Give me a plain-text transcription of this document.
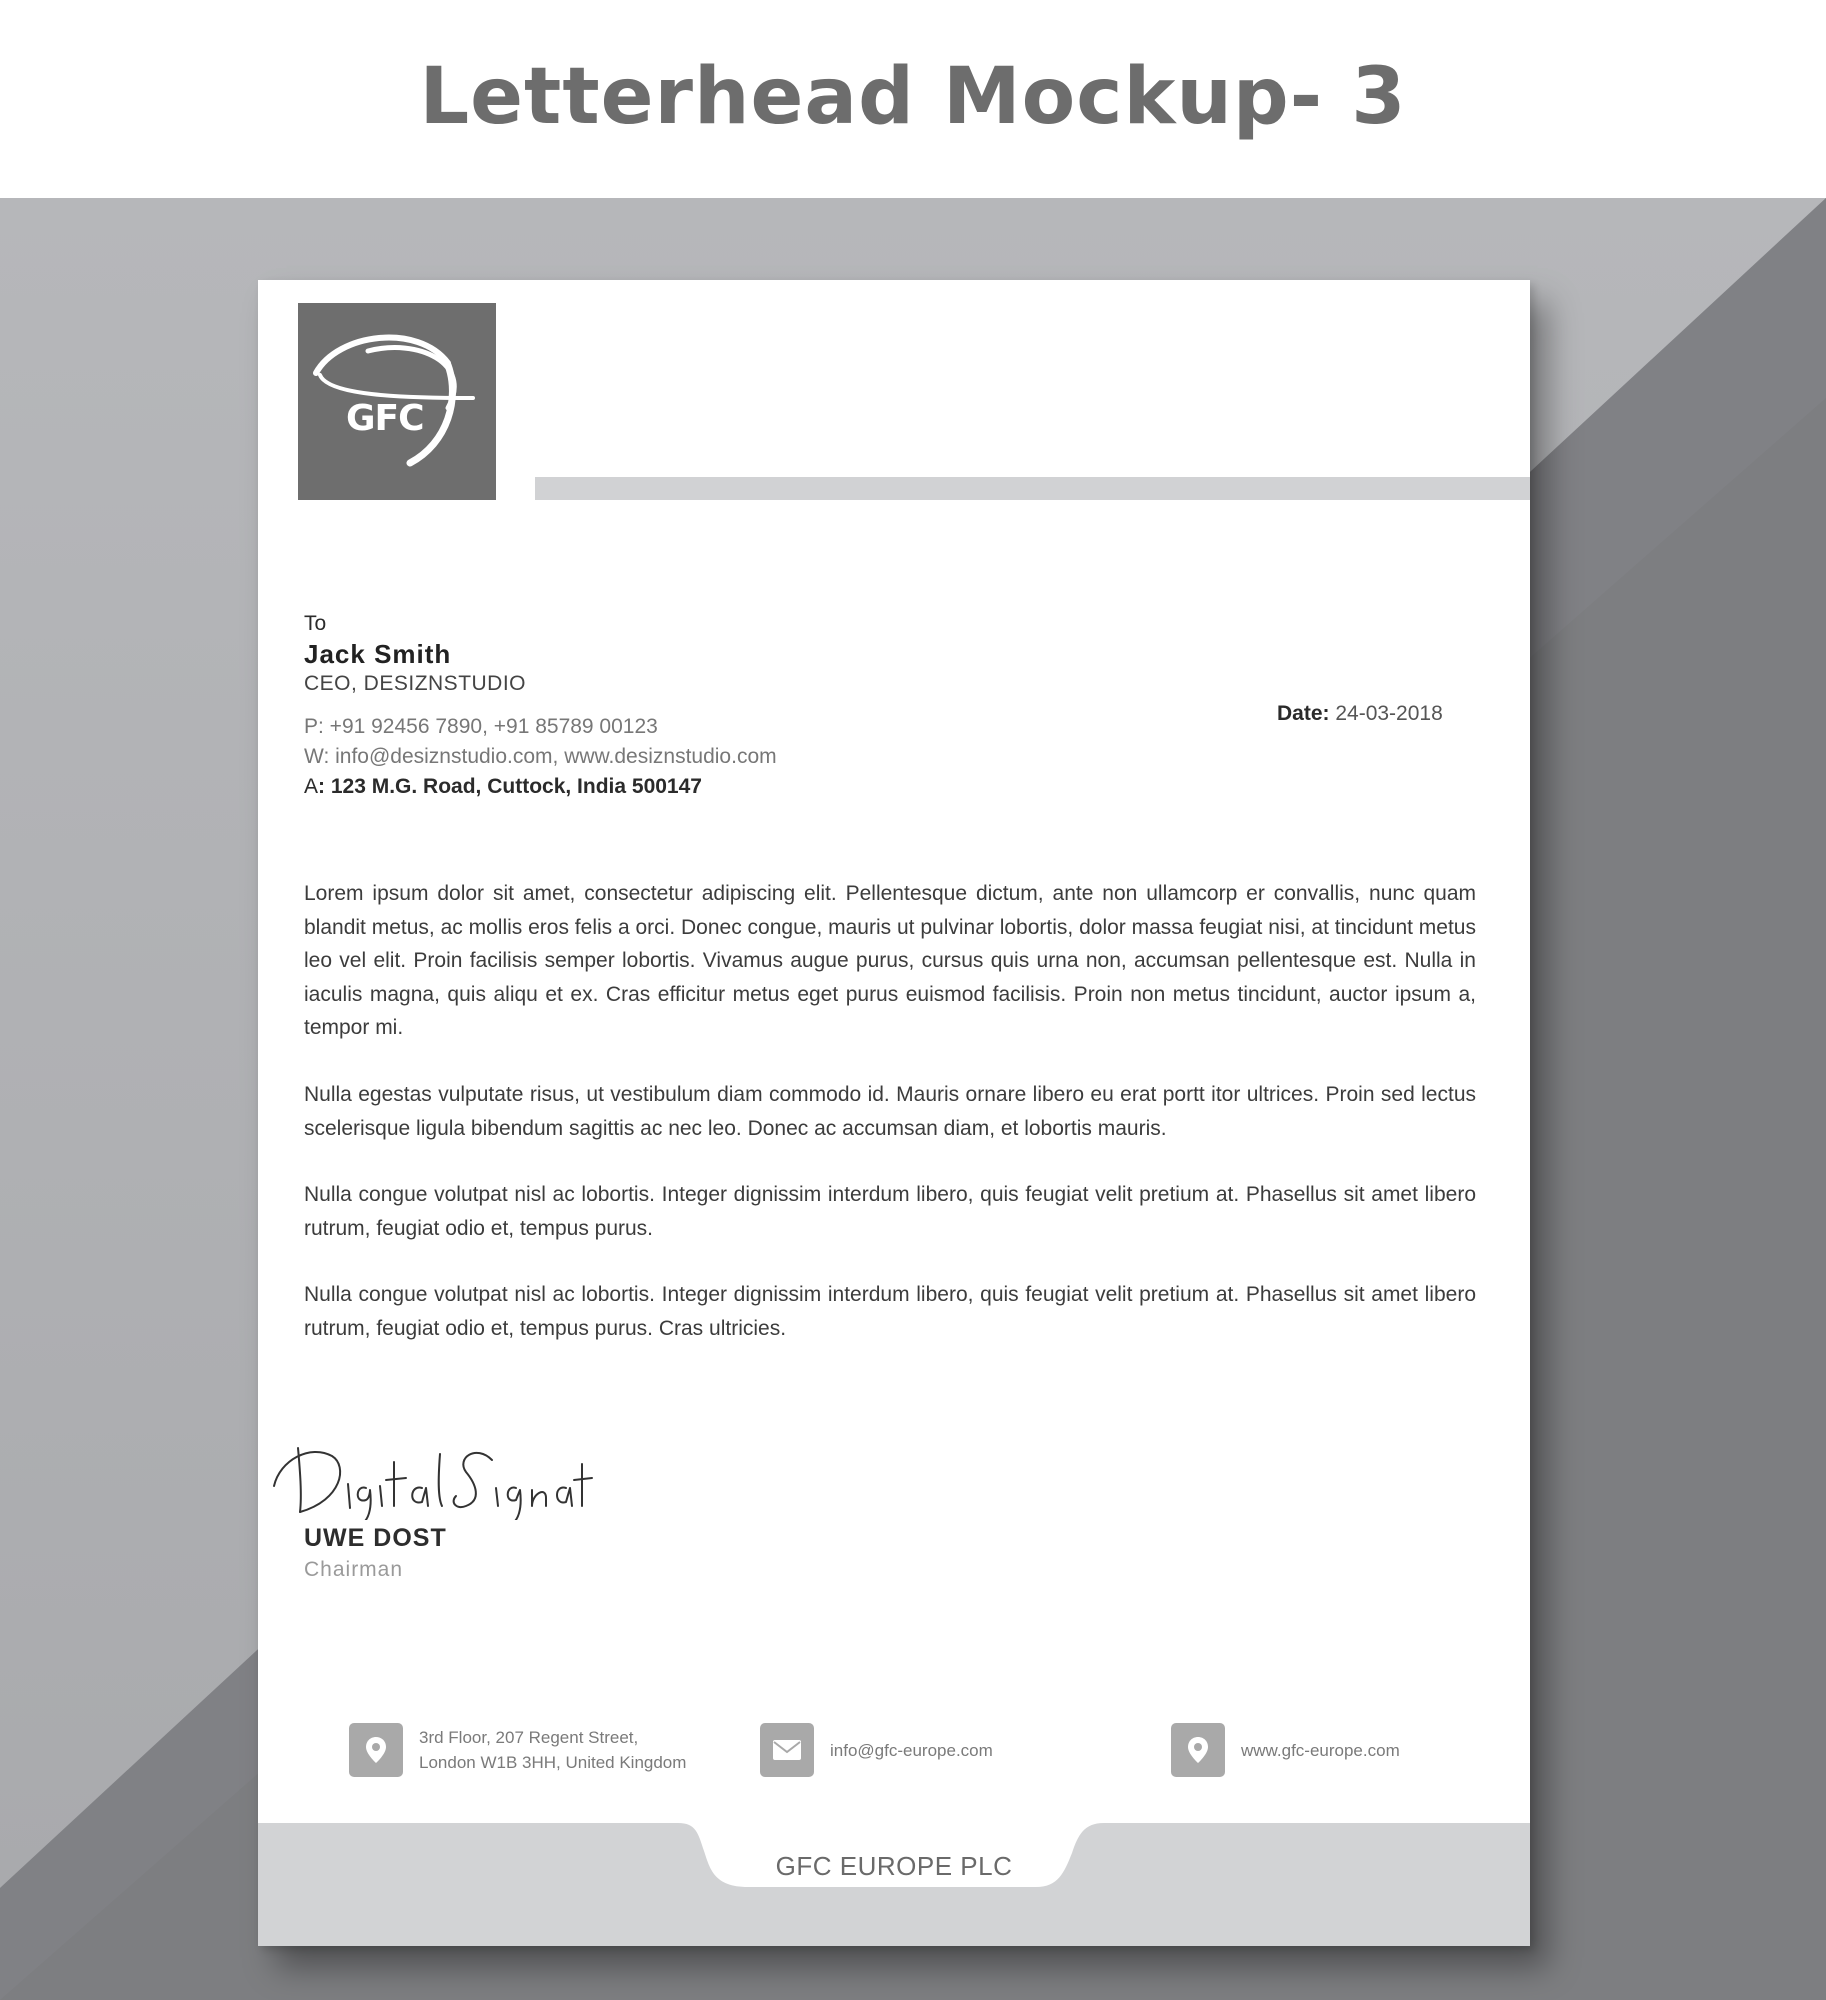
Letterhead Mockup- 3
GFC
To
Jack Smith
CEO, DESIZNSTUDIO
P: +91 92456 7890, +91 85789 00123
W: info@desiznstudio.com, www.desiznstudio.com
A: 123 M.G. Road, Cuttock, India 500147
Date: 24-03-2018

Lorem ipsum dolor sit amet, consectetur adipiscing elit. Pellentesque dictum, ante non ullamcorp er convallis, nunc quam blandit metus, ac mollis eros felis a orci. Donec congue, mauris ut pulvinar lobortis, dolor massa feugiat nisi, at tincidunt metus leo vel elit. Proin facilisis semper lobortis. Vivamus augue purus, cursus quis urna non, accumsan pellentesque est. Nulla in iaculis magna, quis aliqu et ex. Cras efficitur metus eget purus euismod facilisis. Proin non metus tincidunt, auctor ipsum a, tempor mi.

Nulla egestas vulputate risus, ut vestibulum diam commodo id. Mauris ornare libero eu erat portt itor ultrices. Proin sed lectus scelerisque ligula bibendum sagittis ac nec leo. Donec ac accumsan diam, et lobortis mauris.

Nulla congue volutpat nisl ac lobortis. Integer dignissim interdum libero, quis feugiat velit pretium at. Phasellus sit amet libero rutrum, feugiat odio et, tempus purus.

Nulla congue volutpat nisl ac lobortis. Integer dignissim interdum libero, quis feugiat velit pretium at. Phasellus sit amet libero rutrum, feugiat odio et, tempus purus. Cras ultricies.

UWE DOST
Chairman
3rd Floor, 207 Regent Street,
London W1B 3HH, United Kingdom
info@gfc-europe.com	www.gfc-europe.com
GFC EUROPE PLC
